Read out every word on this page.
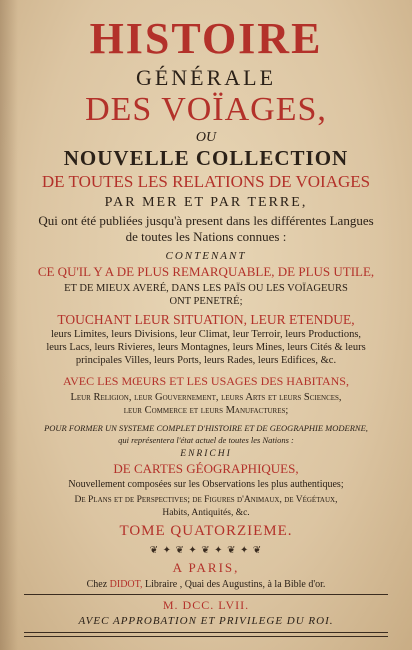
HISTOIRE
GÉNÉRALE
DES VOÏAGES,
OU
NOUVELLE COLLECTION
DE TOUTES LES RELATIONS DE VOIAGES
PAR MER ET PAR TERRE,
Qui ont été publiées jusqu'à present dans les différentes Langues
de toutes les Nations connues :
CONTENANT
CE QU'IL Y A DE PLUS REMARQUABLE, DE PLUS UTILE,
ET DE MIEUX AVERÉ, DANS LES PAÏS OU LES VOÏAGEURS
ONT PENETRÉ;
TOUCHANT LEUR SITUATION, LEUR ETENDUE,
leurs Limites, leurs Divisions, leur Climat, leur Terroir, leurs Productions,
leurs Lacs, leurs Rivieres, leurs Montagnes, leurs Mines, leurs Cités & leurs
principales Villes, leurs Ports, leurs Rades, leurs Edifices, &c.
AVEC LES MŒURS ET LES USAGES DES HABITANS,
Leur Religion, leur Gouvernement, leurs Arts et leurs Sciences,
leur Commerce et leurs Manufactures;
POUR FORMER UN SYSTEME COMPLET D'HISTOIRE ET DE GEOGRAPHIE MODERNE,
qui représentera l'état actuel de toutes les Nations :
ENRICHI
DE CARTES GÉOGRAPHIQUES,
Nouvellement composées sur les Observations les plus authentiques;
De Plans et de Perspectives; de Figures d'Animaux, de Végétaux,
Habits, Antiquités, &c.
TOME QUATORZIEME.
❦ ✦ ❦ ✦ ❦ ✦ ❦ ✦ ❦
A PARIS,
Chez DIDOT, Libraire , Quai des Augustins, à la Bible d'or.
M. DCC. LVII.
AVEC APPROBATION ET PRIVILEGE DU ROI.
